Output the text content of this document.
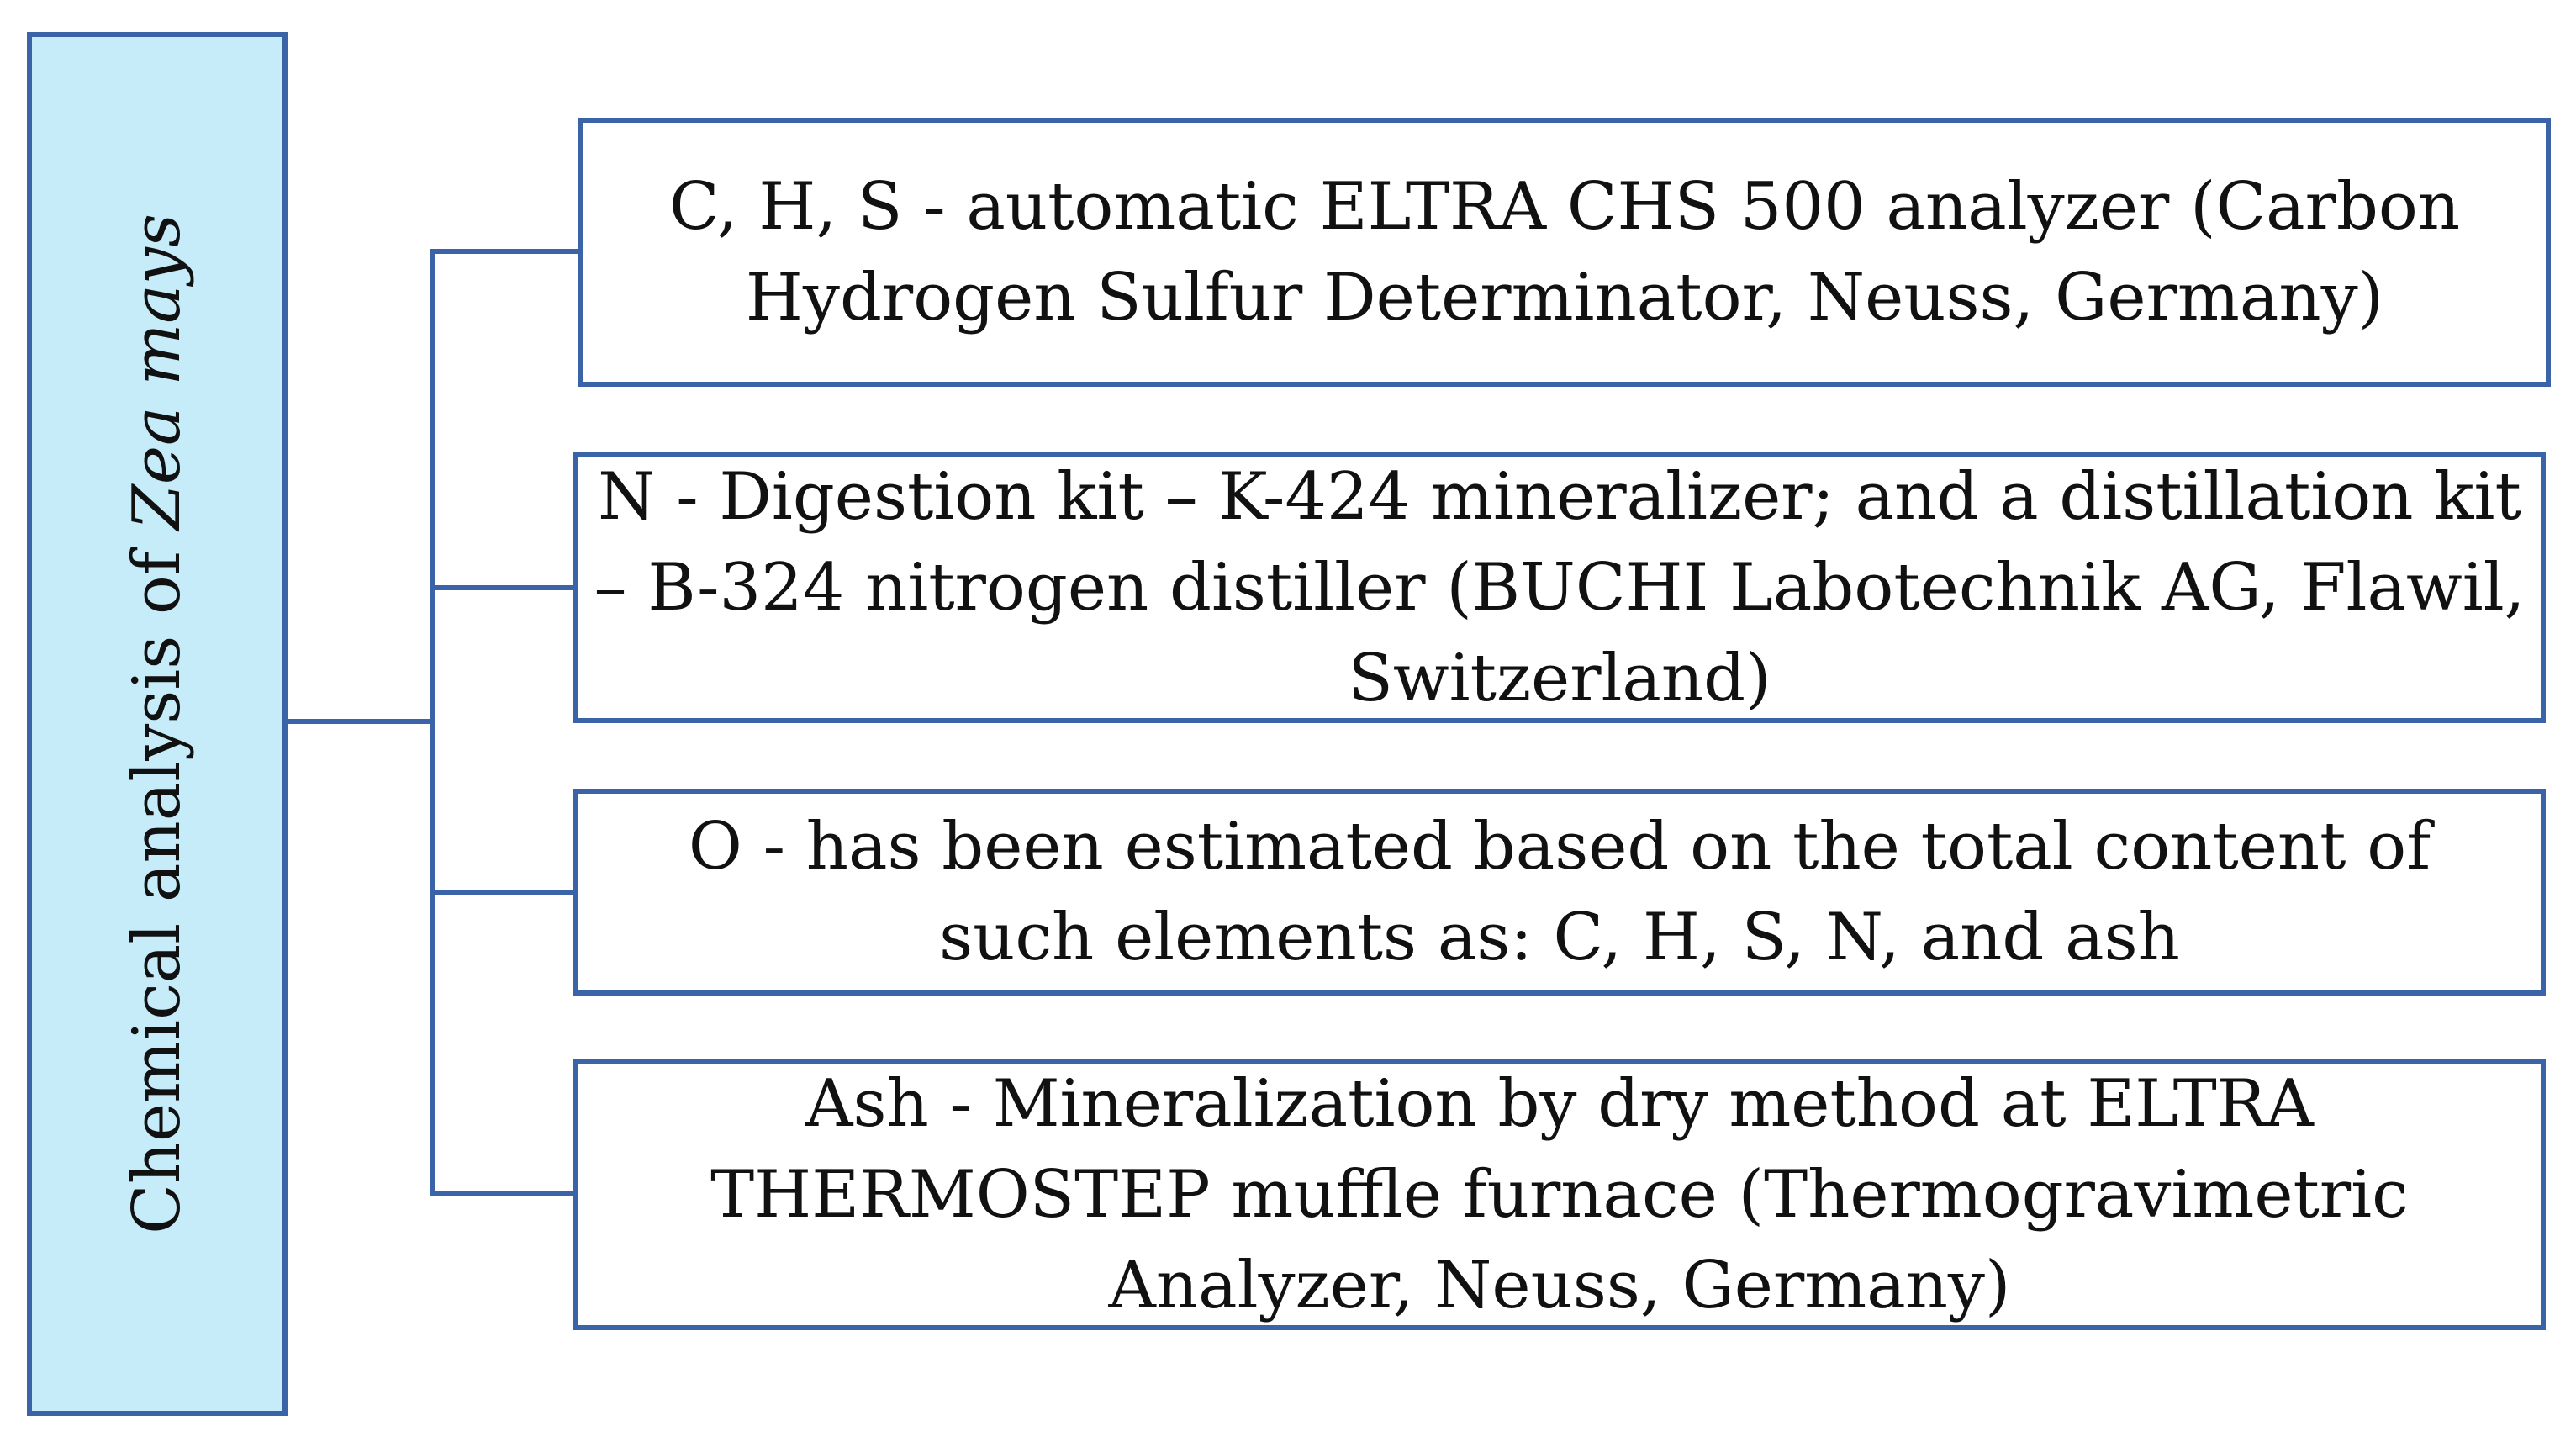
Chemical analysis of Zea mays
C, H, S - automatic ELTRA CHS 500 analyzer (Carbon Hydrogen Sulfur Determinator, Neuss, Germany)
N - Digestion kit – K-424 mineralizer; and a distillation kit – B-324 nitrogen distiller (BUCHI Labotechnik AG, Flawil, Switzerland)
O - has been estimated based on the total content of such elements as: C, H, S, N, and ash
Ash - Mineralization by dry method at ELTRA THERMOSTEP muffle furnace (Thermogravimetric Analyzer, Neuss, Germany)
